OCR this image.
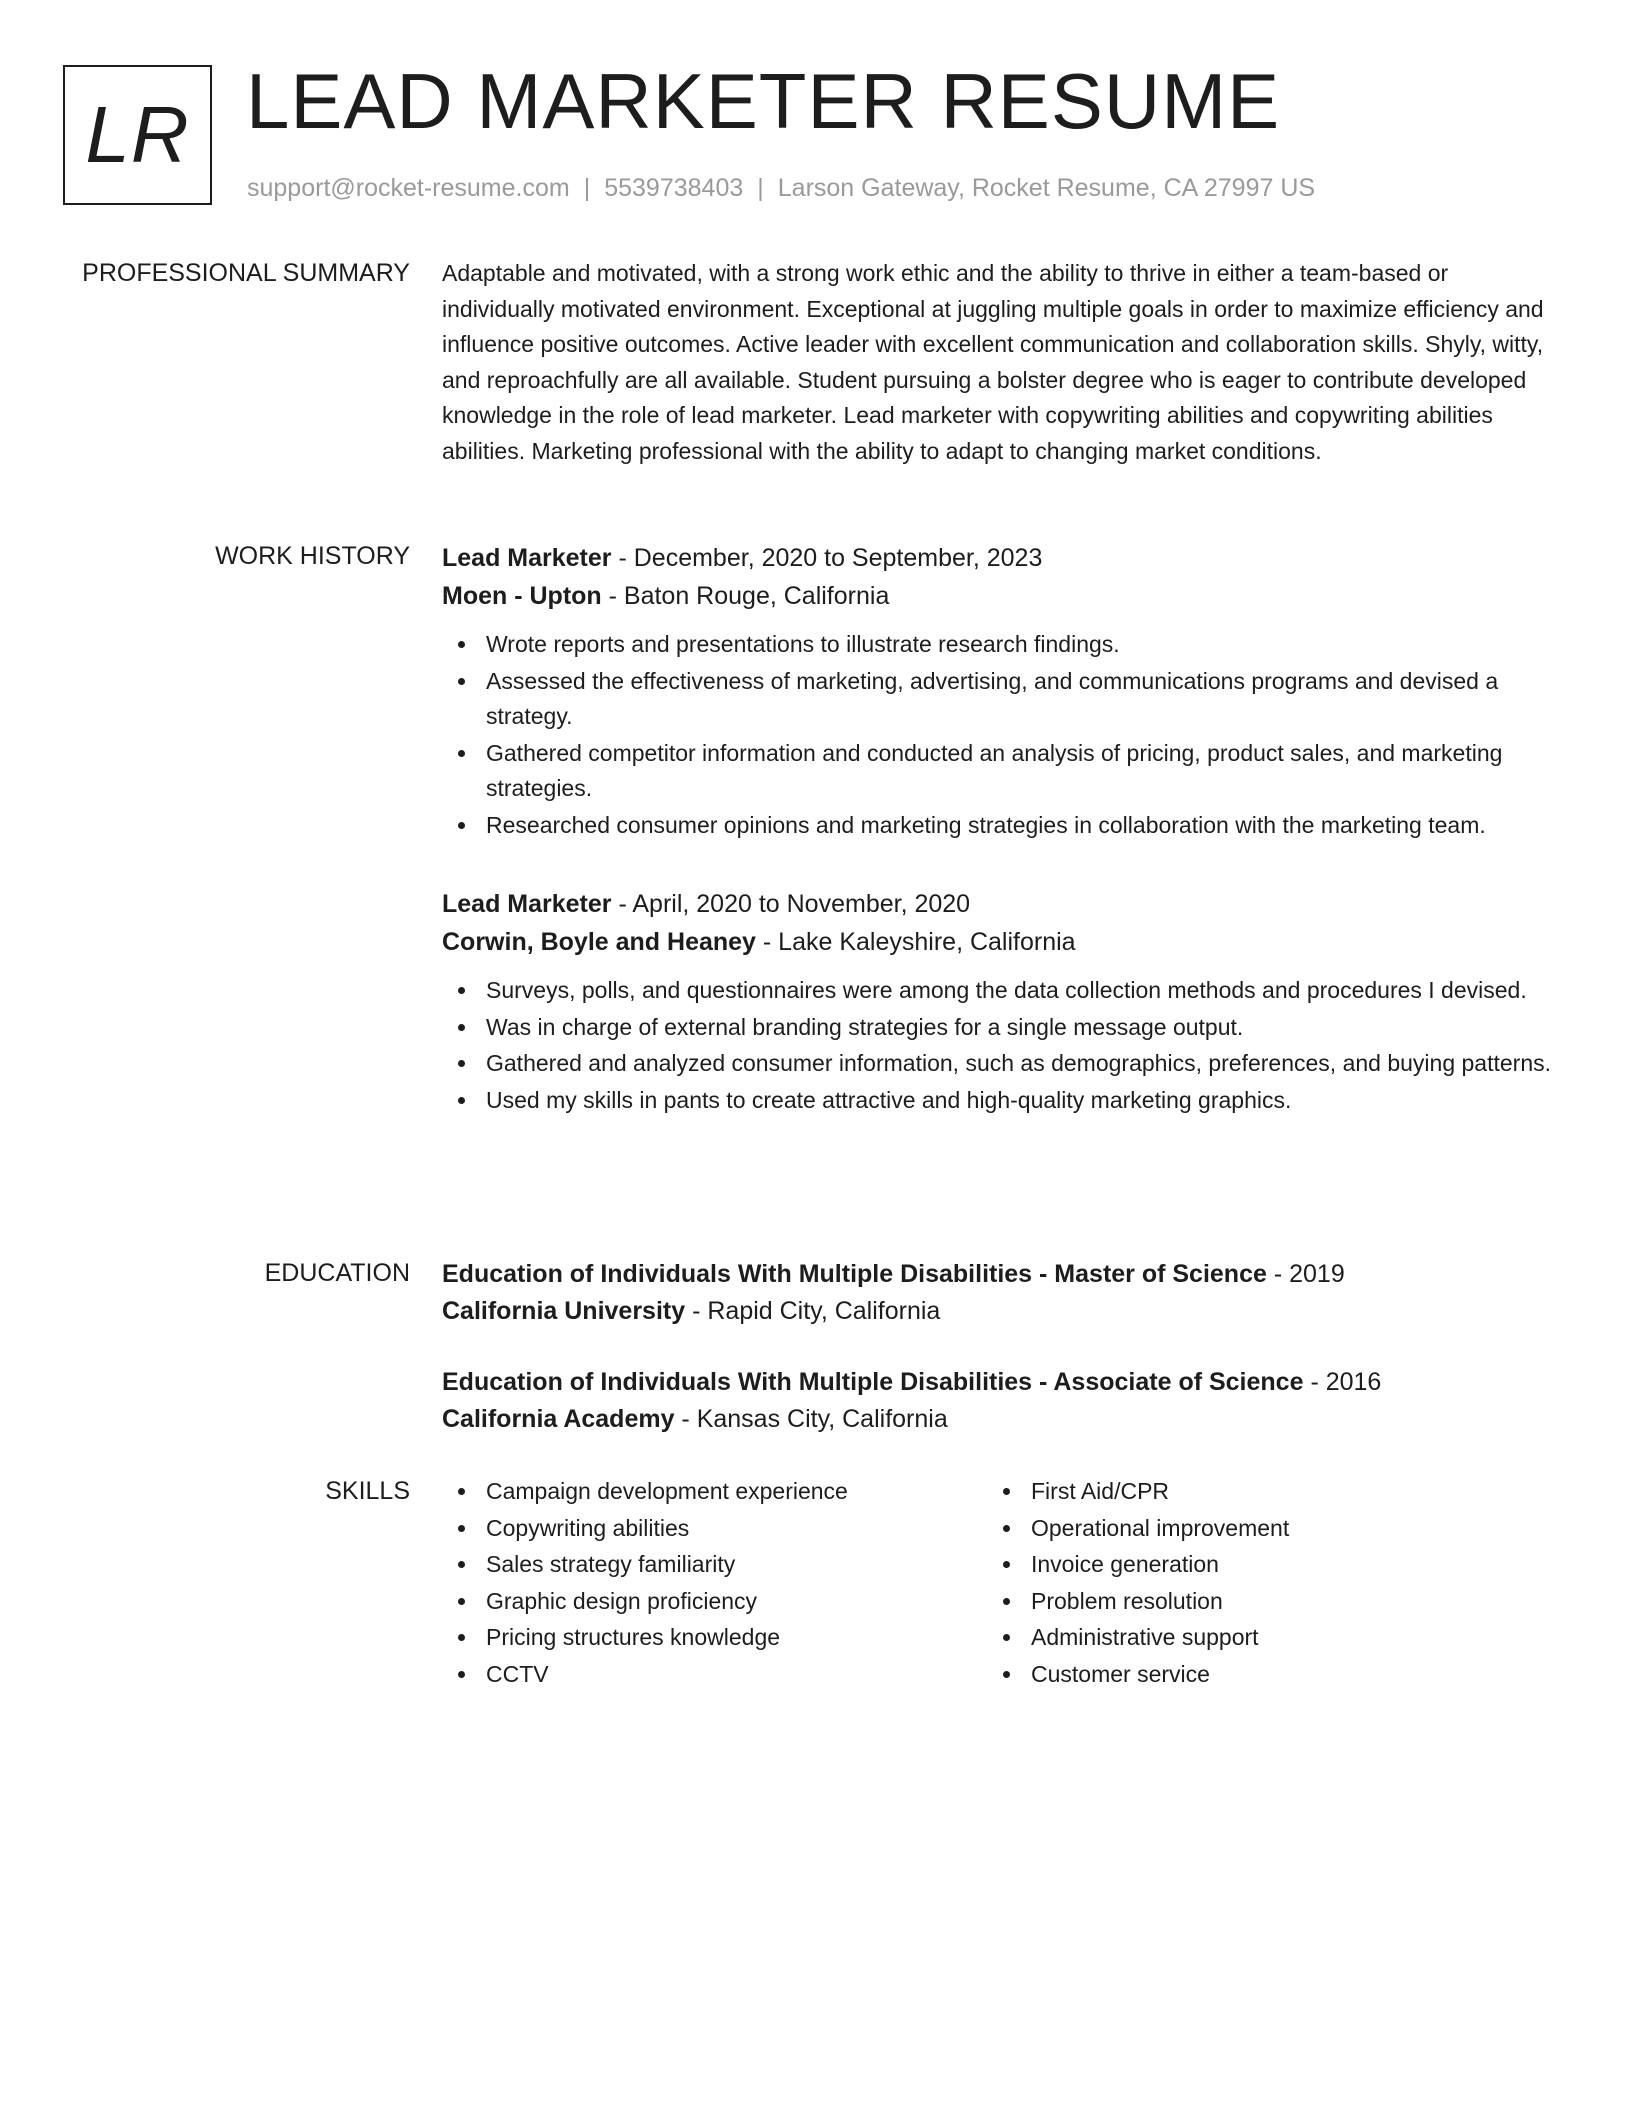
LR LEAD MARKETER RESUME
support@rocket-resume.com | 5539738403 | Larson Gateway, Rocket Resume, CA 27997 US
PROFESSIONAL SUMMARY Adaptable and motivated, with a strong work ethic and the ability to thrive in either a team-based or individually motivated environment. Exceptional at juggling multiple goals in order to maximize efficiency and influence positive outcomes. Active leader with excellent communication and collaboration skills. Shyly, witty, and reproachfully are all available. Student pursuing a bolster degree who is eager to contribute developed knowledge in the role of lead marketer. Lead marketer with copywriting abilities and copywriting abilities abilities. Marketing professional with the ability to adapt to changing market conditions.

WORK HISTORY Lead Marketer - December, 2020 to September, 2023

Moen - Upton - Baton Rouge, California

Wrote reports and presentations to illustrate research findings.
Assessed the effectiveness of marketing, advertising, and communications programs and devised a strategy.
Gathered competitor information and conducted an analysis of pricing, product sales, and marketing strategies.
Researched consumer opinions and marketing strategies in collaboration with the marketing team.

Lead Marketer - April, 2020 to November, 2020

Corwin, Boyle and Heaney - Lake Kaleyshire, California

Surveys, polls, and questionnaires were among the data collection methods and procedures I devised.
Was in charge of external branding strategies for a single message output.
Gathered and analyzed consumer information, such as demographics, preferences, and buying patterns.
Used my skills in pants to create attractive and high-quality marketing graphics.
EDUCATION Education of Individuals With Multiple Disabilities - Master of Science - 2019

California University - Rapid City, California

Education of Individuals With Multiple Disabilities - Associate of Science - 2016

California Academy - Kansas City, California

SKILLS	Campaign development experience
Copywriting abilities
Sales strategy familiarity
Graphic design proficiency
Pricing structures knowledge
CCTV
First Aid/CPR
Operational improvement
Invoice generation
Problem resolution
Administrative support
Customer service
